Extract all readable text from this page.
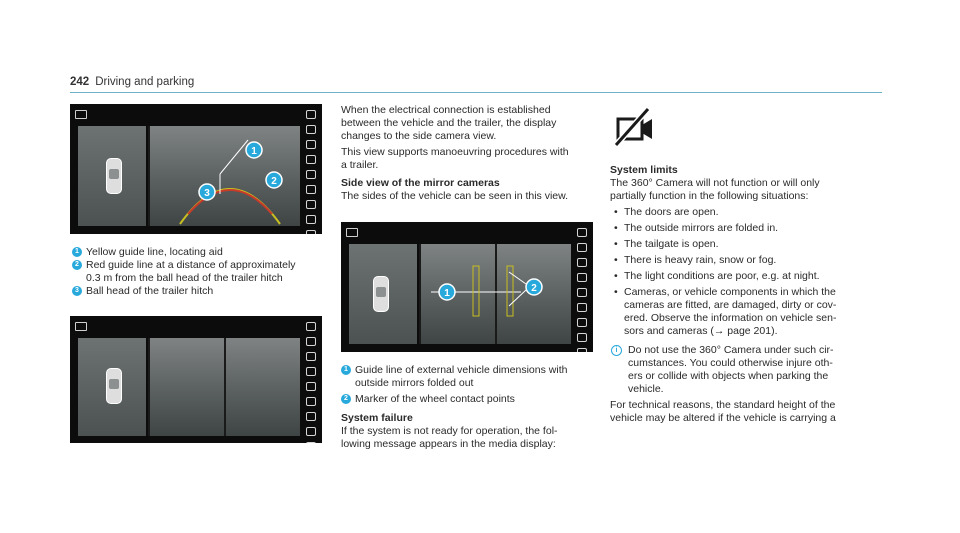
242 Driving and parking
1
2
3
1 Yellow guide line, locating aid
2 Red guide line at a distance of approximately
0.3 m from the ball head of the trailer hitch
3 Ball head of the trailer hitch

When the electrical connection is established

between the vehicle and the trailer, the display

changes to the side camera view.

This view supports manoeuvring procedures with

a trailer.

Side view of the mirror cameras

The sides of the vehicle can be seen in this view.

1	2
1 Guide line of external vehicle dimensions with
outside mirrors folded out
2 Marker of the wheel contact points

System failure

If the system is not ready for operation, the fol-

lowing message appears in the media display:

System limits

The 360° Camera will not function or will only

partially function in the following situations:

• The doors are open.
• The outside mirrors are folded in.
• The tailgate is open.
• There is heavy rain, snow or fog.
• The light conditions are poor, e.g. at night.
• Cameras, or vehicle components in which the
cameras are fitted, are damaged, dirty or cov-
ered. Observe the information on vehicle sen-
sors and cameras (→ page 201).
i	Do not use the 360° Camera under such cir-
cumstances. You could otherwise injure oth-
ers or collide with objects when parking the
vehicle.

For technical reasons, the standard height of the

vehicle may be altered if the vehicle is carrying a
